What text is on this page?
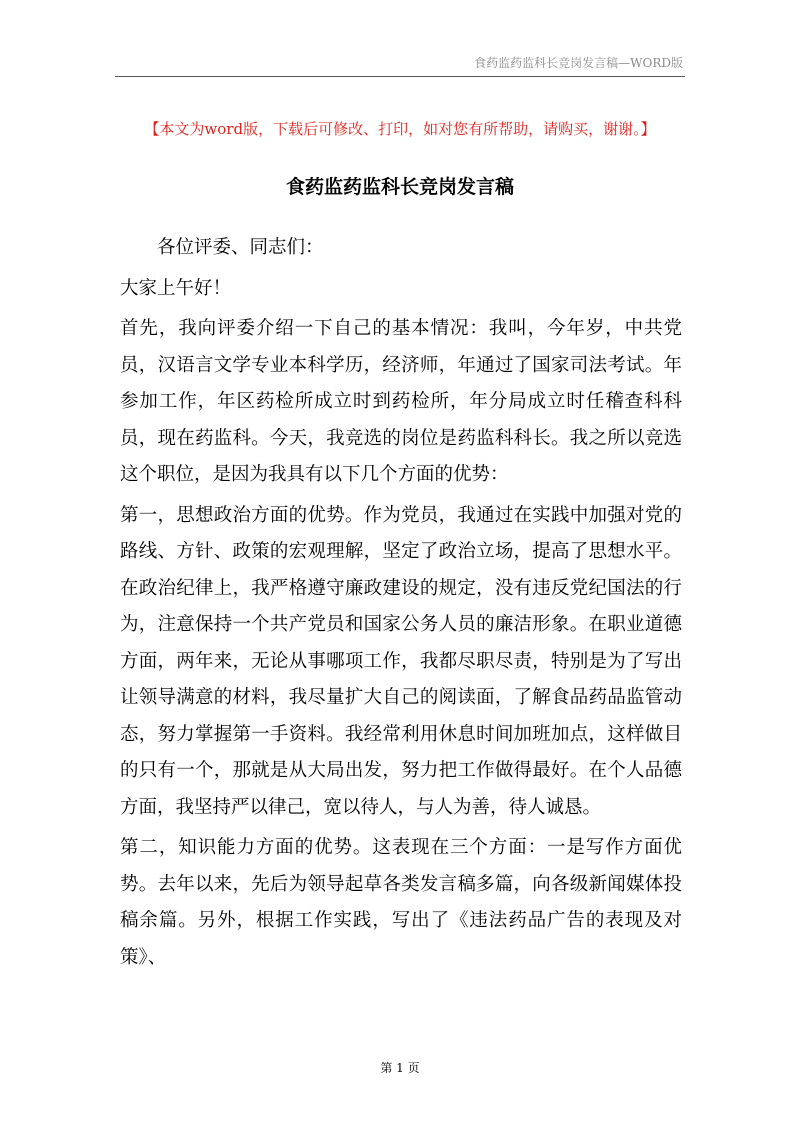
食药监药监科长竞岗发言稿—WORD版
【本文为word版，下载后可修改、打印，如对您有所帮助，请购买，谢谢。】
食药监药监科长竞岗发言稿

各位评委、同志们：

大家上午好！

首先，我向评委介绍一下自己的基本情况：我叫，今年岁，中共党员，汉语言文学专业本科学历，经济师，年通过了国家司法考试。年参加工作，年区药检所成立时到药检所，年分局成立时任稽查科科员，现在药监科。今天，我竞选的岗位是药监科科长。我之所以竞选这个职位，是因为我具有以下几个方面的优势：

第一，思想政治方面的优势。作为党员，我通过在实践中加强对党的路线、方针、政策的宏观理解，坚定了政治立场，提高了思想水平。在政治纪律上，我严格遵守廉政建设的规定，没有违反党纪国法的行为，注意保持一个共产党员和国家公务人员的廉洁形象。在职业道德方面，两年来，无论从事哪项工作，我都尽职尽责，特别是为了写出让领导满意的材料，我尽量扩大自己的阅读面，了解食品药品监管动态，努力掌握第一手资料。我经常利用休息时间加班加点，这样做目的只有一个，那就是从大局出发，努力把工作做得最好。在个人品德方面，我坚持严以律己，宽以待人，与人为善，待人诚恳。

第二，知识能力方面的优势。这表现在三个方面：一是写作方面优势。去年以来，先后为领导起草各类发言稿多篇，向各级新闻媒体投稿余篇。另外，根据工作实践，写出了《违法药品广告的表现及对策》、

第 1 页
